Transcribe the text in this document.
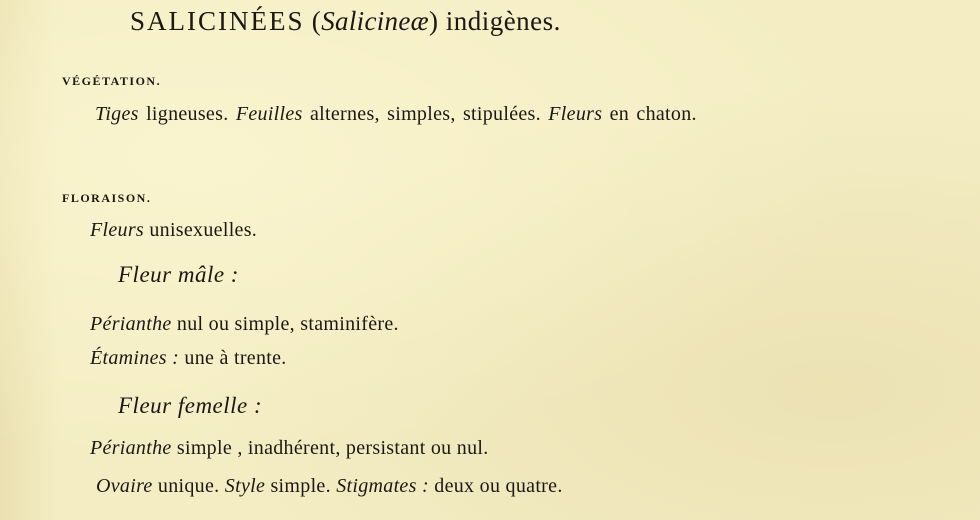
SALICINÉES (Salicineæ) indigènes.
VÉGÉTATION.
Tiges ligneuses. Feuilles alternes, simples, stipulées. Fleurs en chaton.
FLORAISON.
Fleurs unisexuelles.
Fleur mâle :
Périanthe nul ou simple, staminifère.
Étamines : une à trente.
Fleur femelle :
Périanthe simple , inadhérent, persistant ou nul.
Ovaire unique. Style simple. Stigmates : deux ou quatre.
